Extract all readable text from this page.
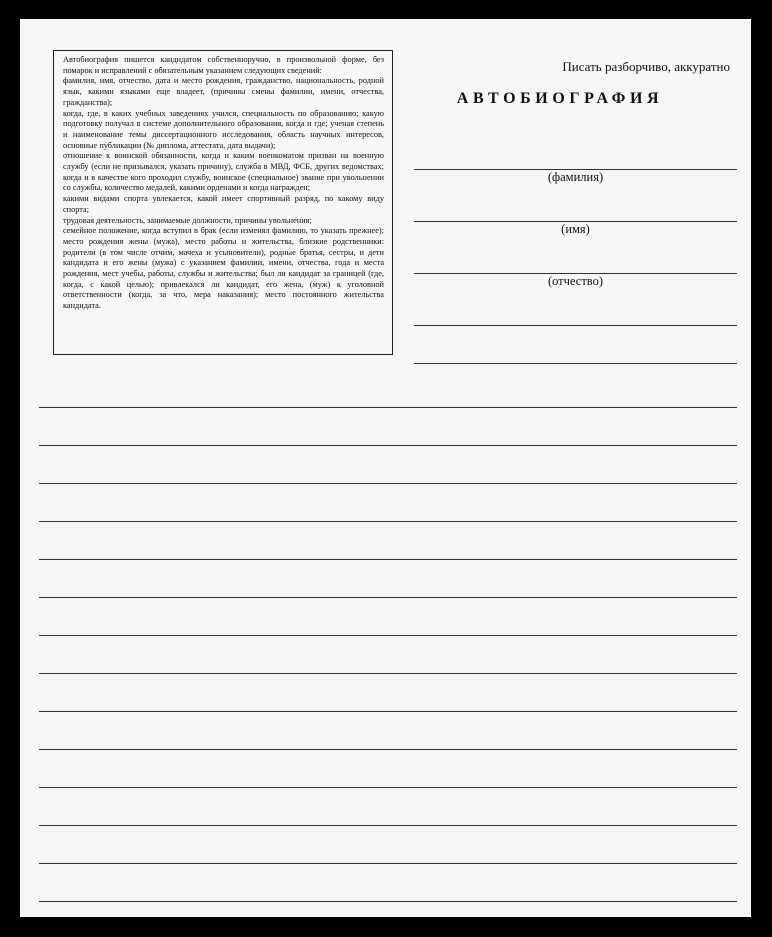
Автобиография пишется кандидатом собственноручно, в произвольной форме, без помарок и исправлений с обязательным указанием следующих сведений:

фамилия, имя, отчество, дата и место рождения, гражданство, национальность, родной язык, какими языками еще владеет, (причины смены фамилии, имени, отчества, гражданства);

когда, где, в каких учебных заведениях учился, специальность по образованию; какую подготовку получал в системе дополнительного образования, когда и где; ученая степень и наименование темы диссертационного исследования, область научных интересов, основные публикации (№ диплома, аттестата, дата выдачи);

отношение к воинской обязанности, когда и каким военкоматом призван на военную службу (если не призывался, указать причину), служба в МВД, ФСБ, других ведомствах; когда и в качестве кого проходил службу, воинское (специальное) звание при увольнении со службы, количество медалей, какими орденами и когда награжден;

какими видами спорта увлекается, какой имеет спортивный разряд, по какому виду спорта;

трудовая деятельность, занимаемые должности, причины увольнения;

семейное положение, когда вступил в брак (если изменял фамилию, то указать прежнее); место рождения жены (мужа), место работы и жительства, близкие родственники: родители (в том числе отчим, мачеха и усыновители), родные братья, сестры, и дети кандидата и его жены (мужа) с указанием фамилии, имени, отчества, года и места рождения, мест учебы, работы, службы и жительства; был ли кандидат за границей (где, когда, с какой целью); привлекался ли кандидат, его жена, (муж) к уголовной ответственности (когда, за что, мера наказания); место постоянного жительства кандидата.

Писать разборчиво, аккуратно
АВТОБИОГРАФИЯ
(фамилия)
(имя)
(отчество)
